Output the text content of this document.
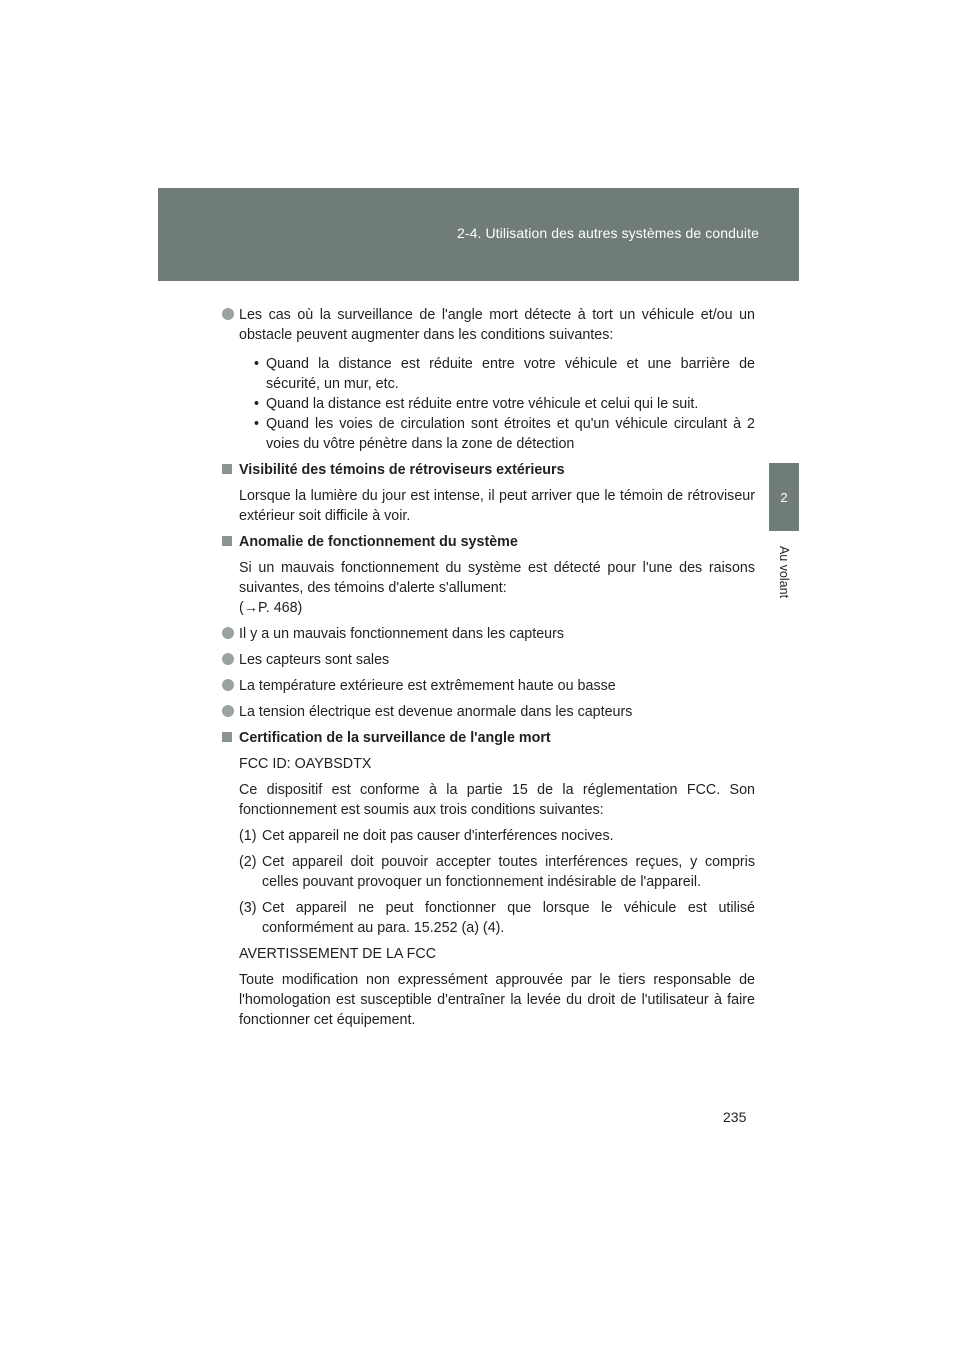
2-4. Utilisation des autres systèmes de conduite
2
Au volant

Les cas où la surveillance de l'angle mort détecte à tort un véhicule et/ou un obstacle peuvent augmenter dans les conditions suivantes:

• Quand la distance est réduite entre votre véhicule et une barrière de sécurité, un mur, etc.

• Quand la distance est réduite entre votre véhicule et celui qui le suit.

• Quand les voies de circulation sont étroites et qu'un véhicule circulant à 2 voies du vôtre pénètre dans la zone de détection

Visibilité des témoins de rétroviseurs extérieurs

Lorsque la lumière du jour est intense, il peut arriver que le témoin de rétroviseur extérieur soit difficile à voir.

Anomalie de fonctionnement du système

Si un mauvais fonctionnement du système est détecté pour l'une des raisons suivantes, des témoins d'alerte s'allument:

(→P. 468)

Il y a un mauvais fonctionnement dans les capteurs

Les capteurs sont sales

La température extérieure est extrêmement haute ou basse

La tension électrique est devenue anormale dans les capteurs

Certification de la surveillance de l'angle mort

FCC ID: OAYBSDTX

Ce dispositif est conforme à la partie 15 de la réglementation FCC. Son fonctionnement est soumis aux trois conditions suivantes:

(1) Cet appareil ne doit pas causer d'interférences nocives.

(2) Cet appareil doit pouvoir accepter toutes interférences reçues, y compris celles pouvant provoquer un fonctionnement indésirable de l'appareil.

(3) Cet appareil ne peut fonctionner que lorsque le véhicule est utilisé conformément au para. 15.252 (a) (4).

AVERTISSEMENT DE LA FCC

Toute modification non expressément approuvée par le tiers responsable de l'homologation est susceptible d'entraîner la levée du droit de l'utilisateur à faire fonctionner cet équipement.

235
